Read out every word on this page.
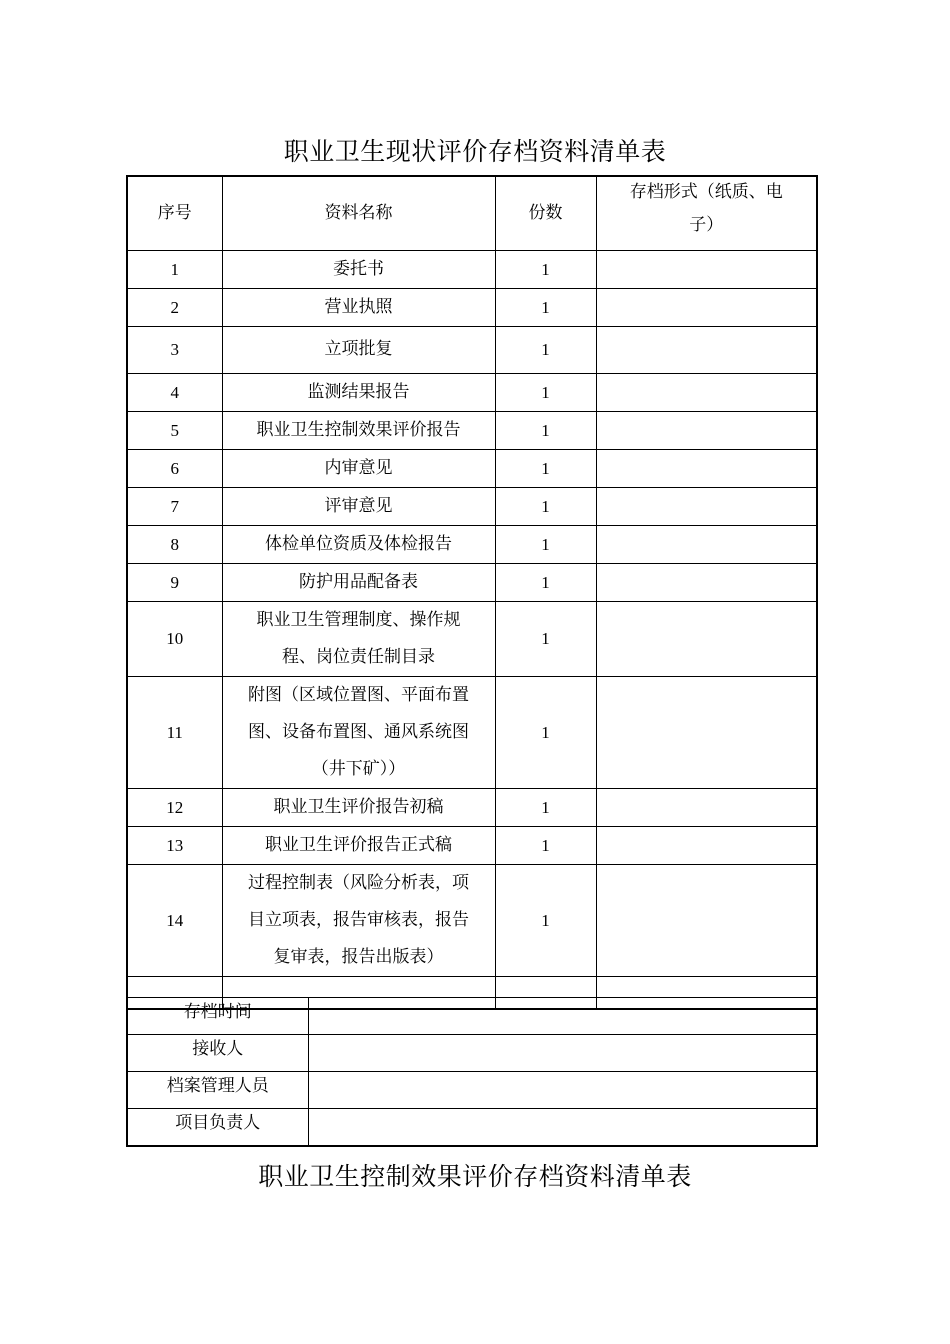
职业卫生现状评价存档资料清单表
序号	资料名称	份数	存档形式（纸质、电
子）

1	委托书	1	
2	营业执照	1	
3	立项批复	1	
4	监测结果报告	1	
5	职业卫生控制效果评价报告	1	
6	内审意见	1	
7	评审意见	1	
8	体检单位资质及体检报告	1	
9	防护用品配备表	1	
10	职业卫生管理制度、操作规
程、岗位责任制目录	1	
11	附图（区域位置图、平面布置
图、设备布置图、通风系统图
（井下矿））	1	
12	职业卫生评价报告初稿	1	
13	职业卫生评价报告正式稿	1	
14	过程控制表（风险分析表，项
目立项表，报告审核表，报告
复审表，报告出版表）	1	

存档时间	
接收人	
档案管理人员	
项目负责人	
职业卫生控制效果评价存档资料清单表
